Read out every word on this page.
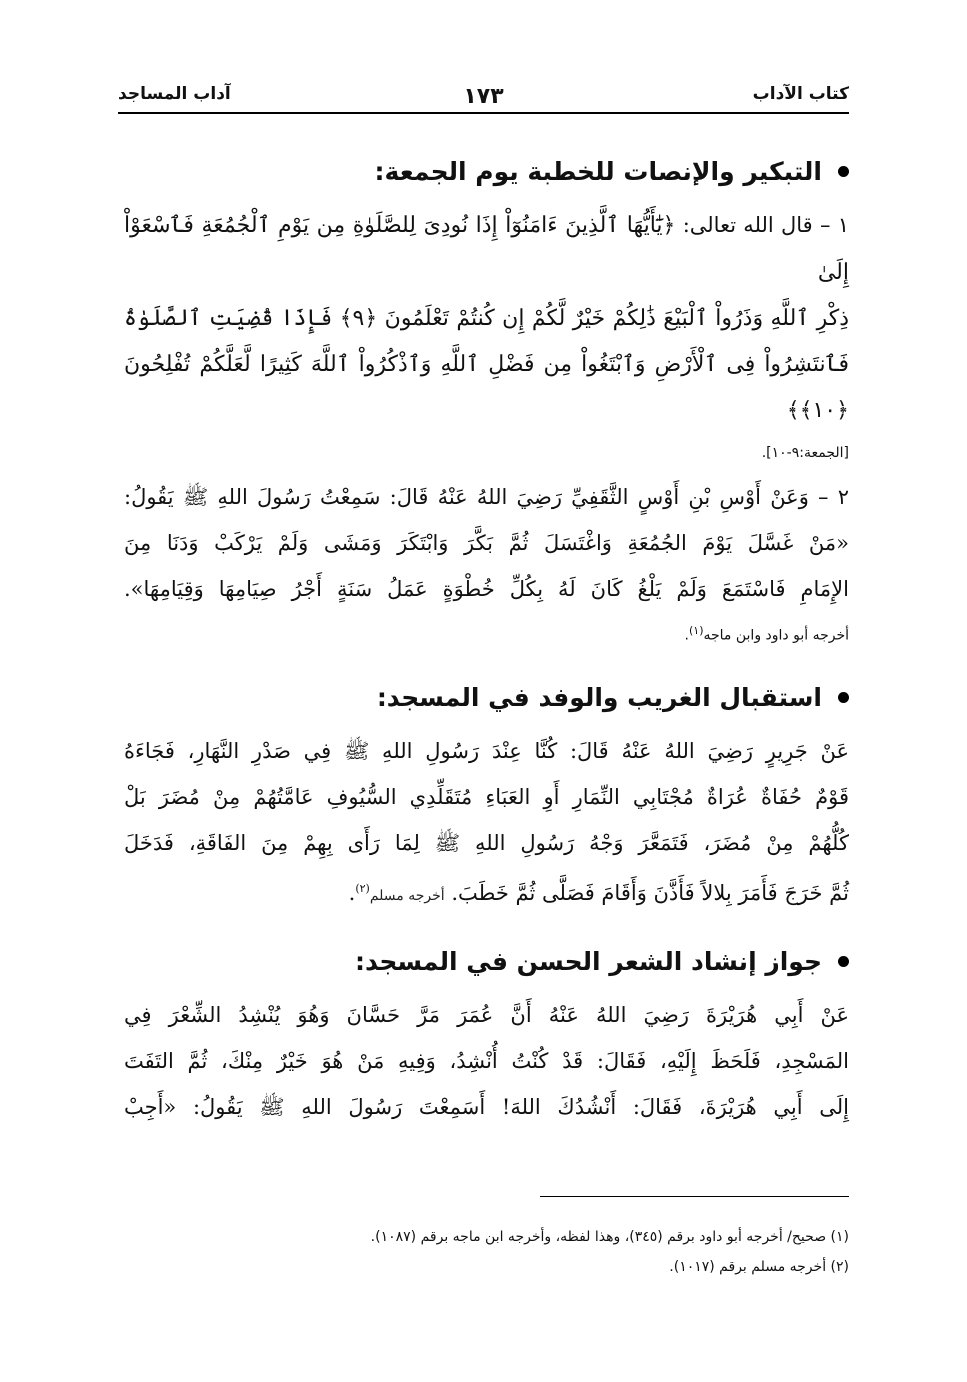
كتاب الآداب
١٧٣
آداب المساجد
التبكير والإنصات للخطبة يوم الجمعة:

١ – قال الله تعالى: ﴿يَٰٓأَيُّهَا ٱلَّذِينَ ءَامَنُوٓاْ إِذَا نُودِىَ لِلصَّلَوٰةِ مِن يَوْمِ ٱلْجُمُعَةِ فَٱسْعَوْاْ إِلَىٰ

ذِكْرِ ٱللَّهِ وَذَرُواْ ٱلْبَيْعَ ذَٰلِكُمْ خَيْرٌ لَّكُمْ إِن كُنتُمْ تَعْلَمُونَ ﴿٩﴾ فَإِذَا قُضِيَتِ ٱلصَّلَوٰةُ

فَٱنتَشِرُواْ فِى ٱلْأَرْضِ وَٱبْتَغُواْ مِن فَضْلِ ٱللَّهِ وَٱذْكُرُواْ ٱللَّهَ كَثِيرًا لَّعَلَّكُمْ تُفْلِحُونَ ﴿١٠﴾﴾

[الجمعة:٩-١٠].

٢ – وَعَنْ أَوْسِ بْنِ أَوْسٍ الثَّقَفِيِّ رَضِيَ اللهُ عَنْهُ قَالَ: سَمِعْتُ رَسُولَ اللهِ ﷺ يَقُولُ:

«مَنْ غَسَّلَ يَوْمَ الجُمُعَةِ وَاغْتَسَلَ ثُمَّ بَكَّرَ وَابْتَكَرَ وَمَشَى وَلَمْ يَرْكَبْ وَدَنَا مِنَ

الإِمَامِ فَاسْتَمَعَ وَلَمْ يَلْغُ كَانَ لَهُ بِكُلِّ خُطْوَةٍ عَمَلُ سَنَةٍ أَجْرُ صِيَامِهَا وَقِيَامِهَا».

أخرجه أبو داود وابن ماجه$^{(١)}$.

استقبال الغريب والوفد في المسجد:

عَنْ جَرِيرٍ رَضِيَ اللهُ عَنْهُ قَالَ: كُنَّا عِنْدَ رَسُولِ اللهِ ﷺ فِي صَدْرِ النَّهَارِ، فَجَاءَهُ

قَوْمٌ حُفَاةٌ عُرَاةٌ مُجْتَابِي النِّمَارِ أَوِ العَبَاءِ مُتَقَلِّدِي السُّيُوفِ عَامَّتُهُمْ مِنْ مُضَرَ بَلْ

كُلُّهُمْ مِنْ مُضَرَ، فَتَمَعَّرَ وَجْهُ رَسُولِ اللهِ ﷺ لِمَا رَأَى بِهِمْ مِنَ الفَاقَةِ، فَدَخَلَ

ثُمَّ خَرَجَ فَأَمَرَ بِلالاً فَأَذَّنَ وَأَقَامَ فَصَلَّى ثُمَّ خَطَبَ. أخرجه مسلم$^{(٢)}$.

جواز إنشاد الشعر الحسن في المسجد:

عَنْ أَبِي هُرَيْرَةَ رَضِيَ اللهُ عَنْهُ أَنَّ عُمَرَ مَرَّ حَسَّانَ وَهُوَ يُنْشِدُ الشِّعْرَ فِي

المَسْجِدِ، فَلَحَظَ إِلَيْهِ، فَقَالَ: قَدْ كُنْتُ أُنْشِدُ، وَفِيهِ مَنْ هُوَ خَيْرٌ مِنْكَ، ثُمَّ التَفَتَ

إِلَى أَبِي هُرَيْرَةَ، فَقَالَ: أَنْشُدُكَ اللهَ! أَسَمِعْتَ رَسُولَ اللهِ ﷺ يَقُولُ: «أَجِبْ

(١) صحيح/ أخرجه أبو داود برقم (٣٤٥)، وهذا لفظه، وأخرجه ابن ماجه برقم (١٠٨٧).
(٢) أخرجه مسلم برقم (١٠١٧).
